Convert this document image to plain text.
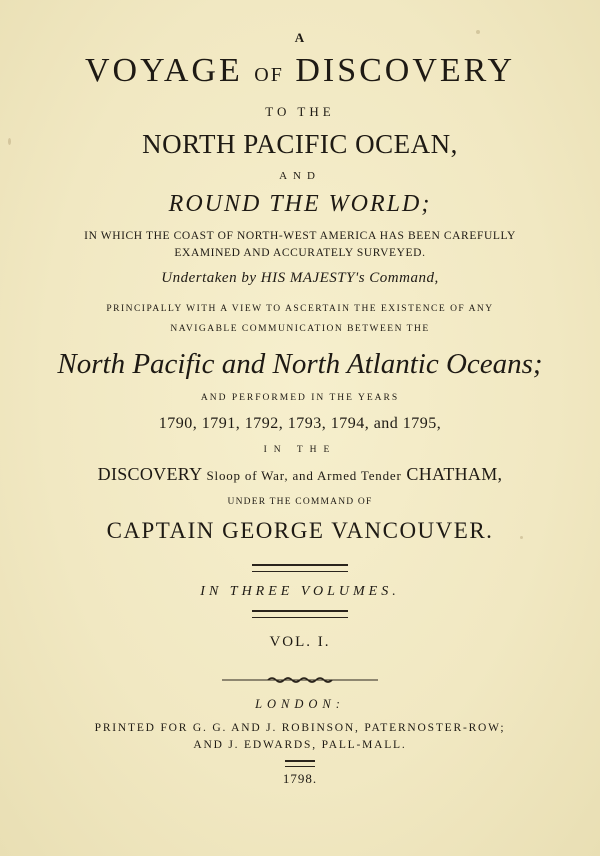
A
VOYAGE OF DISCOVERY
TO THE
NORTH PACIFIC OCEAN,
AND
ROUND THE WORLD;
IN WHICH THE COAST OF NORTH-WEST AMERICA HAS BEEN CAREFULLY
EXAMINED AND ACCURATELY SURVEYED.
Undertaken by HIS MAJESTY's Command,
PRINCIPALLY WITH A VIEW TO ASCERTAIN THE EXISTENCE OF ANY
NAVIGABLE COMMUNICATION BETWEEN THE
North Pacific and North Atlantic Oceans;
AND PERFORMED IN THE YEARS
1790, 1791, 1792, 1793, 1794, and 1795,
IN THE
DISCOVERY Sloop of War, and Armed Tender CHATHAM,
UNDER THE COMMAND OF
CAPTAIN GEORGE VANCOUVER.
IN THREE VOLUMES.
VOL. I.
LONDON:
PRINTED FOR G. G. AND J. ROBINSON, PATERNOSTER-ROW;
AND J. EDWARDS, PALL-MALL.
1798.
